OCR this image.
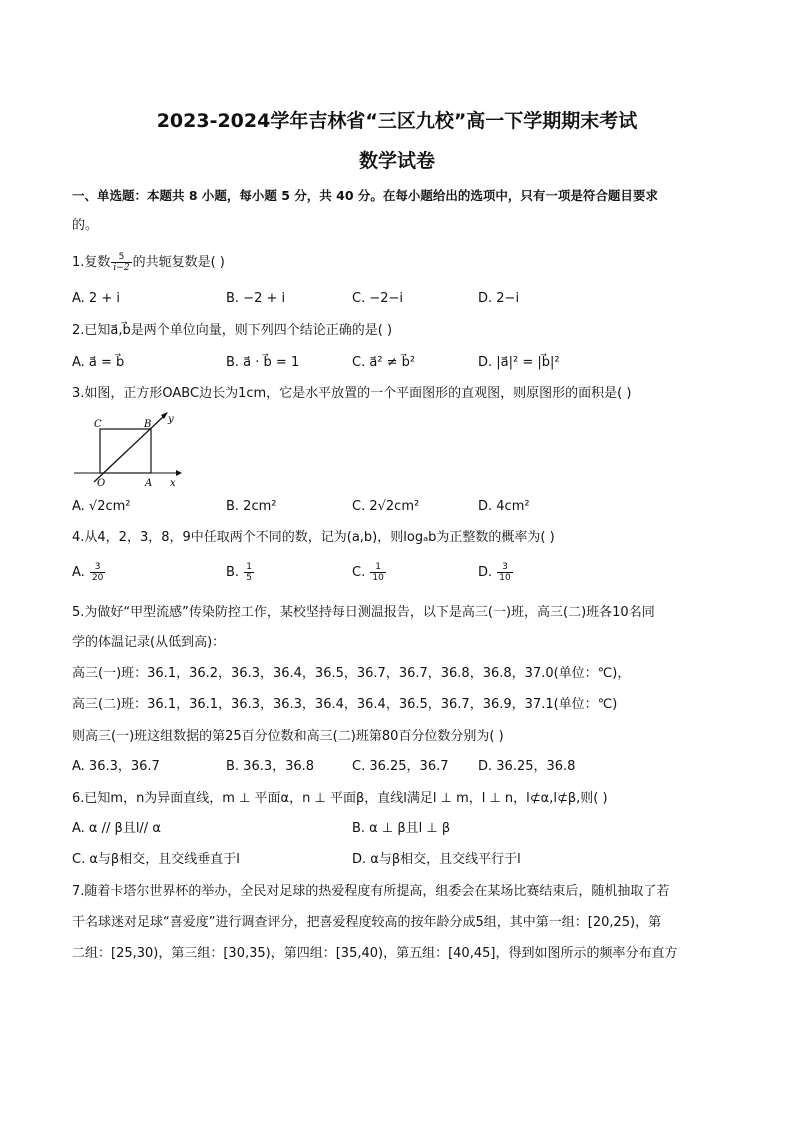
2023-2024学年吉林省“三区九校”高一下学期期末考试
数学试卷
一、单选题：本题共 8 小题，每小题 5 分，共 40 分。在每小题给出的选项中，只有一项是符合题目要求
的。
1.复数 $\frac{5}{i-2}$ 的共轭复数是( )
A. 2 + i	B. −2 + i	C. −2−i	D. 2−i
2.已知a⃗,b⃗是两个单位向量，则下列四个结论正确的是( )
A. a⃗ = b⃗	B. a⃗ · b⃗ = 1	C. a⃗² ≠ b⃗²	D. |a⃗|² = |b⃗|²
3.如图，正方形OABC边长为1cm，它是水平放置的一个平面图形的直观图，则原图形的面积是( )
C	B y
O	A x
A. √2cm²	B. 2cm²	C. 2√2cm²	D. 4cm²
4.从4，2，3，8，9中任取两个不同的数，记为(a,b)，则logₐb为正整数的概率为( )
A. $\frac{3}{20}$	B. $\frac{1}{5}$	C. $\frac{1}{10}$	D. $\frac{3}{10}$
5.为做好“甲型流感”传染防控工作，某校坚持每日测温报告，以下是高三(一)班，高三(二)班各10名同
学的体温记录(从低到高)：
高三(一)班：36.1，36.2，36.3，36.4，36.5，36.7，36.7，36.8，36.8，37.0(单位：℃)，
高三(二)班：36.1，36.1，36.3，36.3，36.4，36.4，36.5，36.7，36.9，37.1(单位：℃)
则高三(一)班这组数据的第25百分位数和高三(二)班第80百分位数分别为( )
A. 36.3，36.7	B. 36.3，36.8	C. 36.25，36.7 D. 36.25，36.8
6.已知m，n为异面直线，m ⊥ 平面α，n ⊥ 平面β，直线l满足l ⊥ m，l ⊥ n，l⊄α,l⊄β,则( )
A. α // β且l// α	B. α ⊥ β且l ⊥ β
C. α与β相交，且交线垂直于l	D. α与β相交，且交线平行于l
7.随着卡塔尔世界杯的举办，全民对足球的热爱程度有所提高，组委会在某场比赛结束后，随机抽取了若
干名球迷对足球“喜爱度”进行调查评分，把喜爱程度较高的按年龄分成5组，其中第一组：[20,25)，第
二组：[25,30)，第三组：[30,35)，第四组：[35,40)，第五组：[40,45]，得到如图所示的频率分布直方
